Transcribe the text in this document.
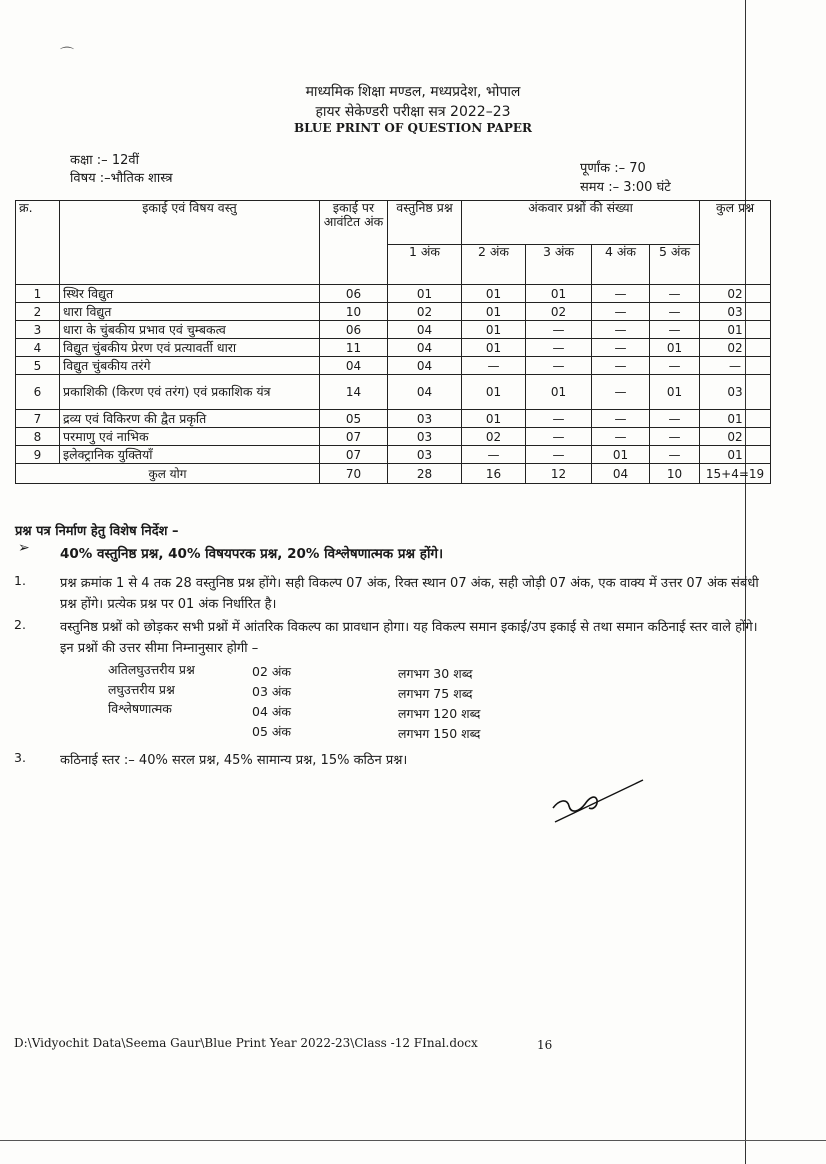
⌒
माध्यमिक शिक्षा मण्डल, मध्यप्रदेश, भोपाल
हायर सेकेण्डरी परीक्षा सत्र 2022–23
BLUE PRINT OF QUESTION PAPER
कक्षा :– 12वीं
विषय :–भौतिक शास्त्र
पूर्णांक :– 70
समय :– 3:00 घंटे
क्र.	इकाई एवं विषय वस्तु	इकाई पर आवंटित अंक	वस्तुनिष्ठ प्रश्न	अंकवार प्रश्नों की संख्या				कुल प्रश्न
			1 अंक	2 अंक	3 अंक	4 अंक	5 अंक	
1	स्थिर विद्युत	06	01	01	01	—	—	02
2	धारा विद्युत	10	02	01	02	—	—	03
3	धारा के चुंबकीय प्रभाव एवं चुम्बकत्व	06	04	01	—	—	—	01
4	विद्युत चुंबकीय प्रेरण एवं प्रत्यावर्ती धारा	11	04	01	—	—	01	02
5	विद्युत चुंबकीय तरंगे	04	04	—	—	—	—	—
6	प्रकाशिकी (किरण एवं तरंग) एवं प्रकाशिक यंत्र	14	04	01	01	—	01	03
7	द्रव्य एवं विकिरण की द्वैत प्रकृति	05	03	01	—	—	—	01
8	परमाणु एवं नाभिक	07	03	02	—	—	—	02
9	इलेक्ट्रानिक युक्तियॉं	07	03	—	—	01	—	01
कुल योग		70	28	16	12	04	10	15+4=19
प्रश्न पत्र निर्माण हेतु विशेष निर्देश –
➢ 40% वस्तुनिष्ठ प्रश्न, 40% विषयपरक प्रश्न, 20% विश्लेषणात्मक प्रश्न होंगे।
1.	प्रश्न क्रमांक 1 से 4 तक 28 वस्तुनिष्ठ प्रश्न होंगे। सही विकल्प 07 अंक, रिक्त स्थान 07 अंक, सही जोड़ी 07 अंक, एक वाक्य में उत्तर 07 अंक संबंधी प्रश्न होंगे। प्रत्येक प्रश्न पर 01 अंक निर्धारित है।
2.	वस्तुनिष्ठ प्रश्नों को छोड़कर सभी प्रश्नों में आंतरिक विकल्प का प्रावधान होगा। यह विकल्प समान इकाई/उप इकाई से तथा समान कठिनाई स्तर वाले होंगे। इन प्रश्नों की उत्तर सीमा निम्नानुसार होगी –
अतिलघुउत्तरीय प्रश्न	02 अंक	लगभग 30 शब्द
लघुउत्तरीय प्रश्न	03 अंक	लगभग 75 शब्द
विश्लेषणात्मक	04 अंक	लगभग 120 शब्द
05 अंक	लगभग 150 शब्द
3.	कठिनाई स्तर :– 40% सरल प्रश्न, 45% सामान्य प्रश्न, 15% कठिन प्रश्न।
D:\Vidyochit Data\Seema Gaur\Blue Print Year 2022-23\Class -12 FInal.docx	16
